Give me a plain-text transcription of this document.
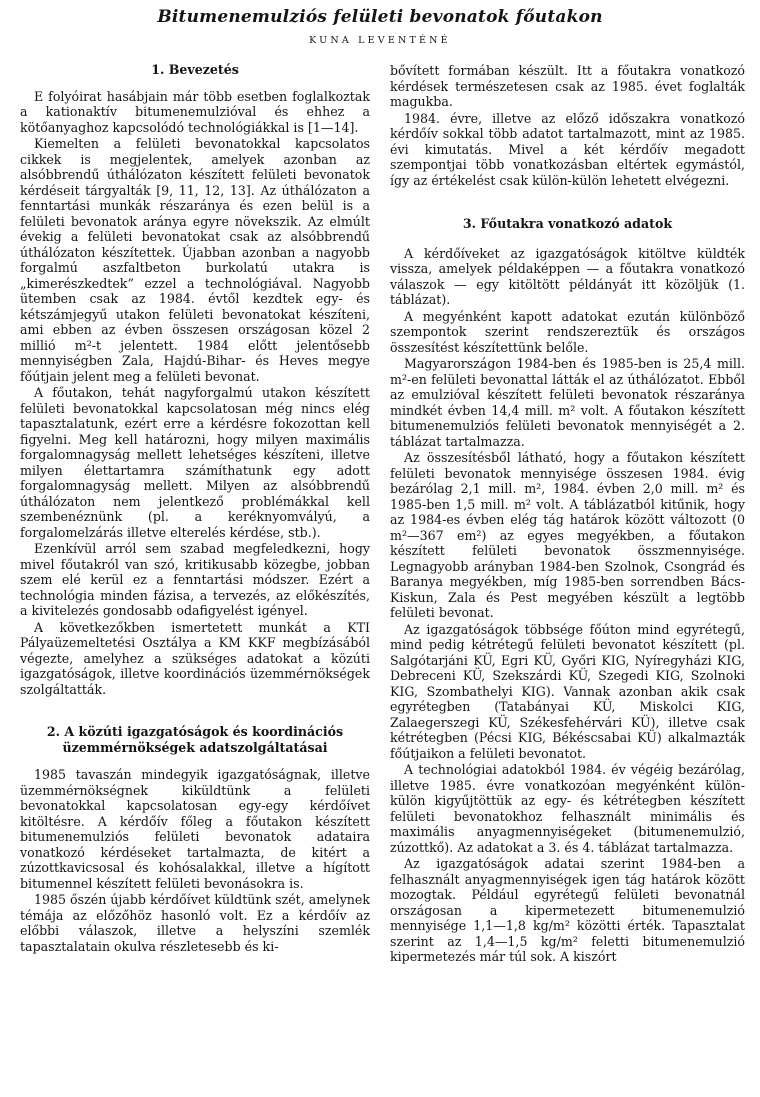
Bitumenemulziós felületi bevonatok főutakon
KUNA LEVENTÉNÉ
1. Bevezetés

E folyóirat hasábjain már több esetben foglalkoztak a kationaktív bitumenemulzióval és ehhez a kötőanyaghoz kapcsolódó technológiákkal is [1—14].

Kiemelten a felületi bevonatokkal kapcsolatos cikkek is megjelentek, amelyek azonban az alsóbbrendű úthálózaton készített felületi bevonatok kérdéseit tárgyalták [9, 11, 12, 13]. Az úthálózaton a fenntartási munkák részaránya és ezen belül is a felületi bevonatok aránya egyre növekszik. Az elmúlt évekig a felületi bevonatokat csak az alsóbbrendű úthálózaton készítettek. Újabban azonban a nagyobb forgalmú aszfaltbeton burkolatú utakra is „kimerészkedtek” ezzel a technológiával. Nagyobb ütemben csak az 1984. évtől kezdtek egy- és kétszámjegyű utakon felületi bevonatokat készíteni, ami ebben az évben összesen országosan közel 2 millió m²-t jelentett. 1984 előtt jelentősebb mennyiségben Zala, Hajdú-Bihar- és Heves megye főútjain jelent meg a felületi bevonat.

A főutakon, tehát nagyforgalmú utakon készített felületi bevonatokkal kapcsolatosan még nincs elég tapasztalatunk, ezért erre a kérdésre fokozottan kell figyelni. Meg kell határozni, hogy milyen maximális forgalomnagyság mellett lehetséges készíteni, illetve milyen élettartamra számíthatunk egy adott forgalomnagyság mellett. Milyen az alsóbbrendű úthálózaton nem jelentkező problémákkal kell szembenéznünk (pl. a keréknyomvályú, a forgalomelzárás illetve elterelés kérdése, stb.).

Ezenkívül arról sem szabad megfeledkezni, hogy mivel főutakról van szó, kritikusabb közegbe, jobban szem elé kerül ez a fenntartási módszer. Ezért a technológia minden fázisa, a tervezés, az előkészítés, a kivitelezés gondosabb odafigyelést igényel.

A következőkben ismertetett munkát a KTI Pályaüzemeltetési Osztálya a KM KKF megbízásából végezte, amelyhez a szükséges adatokat a közúti igazgatóságok, illetve koordinációs üzemmérnökségek szolgáltatták.

2. A közúti igazgatóságok és koordinációs üzemmérnökségek adatszolgáltatásai

1985 tavaszán mindegyik igazgatóságnak, illetve üzemmérnökségnek kiküldtünk a felületi bevonatokkal kapcsolatosan egy-egy kérdőívet kitöltésre. A kérdőív főleg a főutakon készített bitumenemulziós felületi bevonatok adataira vonatkozó kérdéseket tartalmazta, de kitért a zúzottkavicsosal és kohósalakkal, illetve a hígított bitumennel készített felületi bevonásokra is.

1985 őszén újabb kérdőívet küldtünk szét, amelynek témája az előzőhöz hasonló volt. Ez a kérdőív az előbbi válaszok, illetve a helyszíni szemlék tapasztalatain okulva részletesebb és ki-

bővített formában készült. Itt a főutakra vonatkozó kérdések természetesen csak az 1985. évet foglalták magukba.

1984. évre, illetve az előző időszakra vonatkozó kérdőív sokkal több adatot tartalmazott, mint az 1985. évi kimutatás. Mivel a két kérdőív megadott szempontjai több vonatkozásban eltértek egymástól, így az értékelést csak külön-külön lehetett elvégezni.

3. Főutakra vonatkozó adatok

A kérdőíveket az igazgatóságok kitöltve küldték vissza, amelyek példaképpen — a főutakra vonatkozó válaszok — egy kitöltött példányát itt közöljük (1. táblázat).

A megyénként kapott adatokat ezután különböző szempontok szerint rendszereztük és országos összesítést készítettünk belőle.

Magyarországon 1984-ben és 1985-ben is 25,4 mill. m²-en felületi bevonattal látták el az úthálózatot. Ebből az emulzióval készített felületi bevonatok részaránya mindkét évben 14,4 mill. m² volt. A főutakon készített bitumenemulziós felületi bevonatok mennyiségét a 2. táblázat tartalmazza.

Az összesítésből látható, hogy a főutakon készített felületi bevonatok mennyisége összesen 1984. évig bezárólag 2,1 mill. m², 1984. évben 2,0 mill. m² és 1985-ben 1,5 mill. m² volt. A táblázatból kitűnik, hogy az 1984-es évben elég tág határok között változott (0 m²—367 em²) az egyes megyékben, a főutakon készített felületi bevonatok összmennyisége. Legnagyobb arányban 1984-ben Szolnok, Csongrád és Baranya megyékben, míg 1985-ben sorrendben Bács-Kiskun, Zala és Pest megyében készült a legtöbb felületi bevonat.

Az igazgatóságok többsége főúton mind egyrétegű, mind pedig kétrétegű felületi bevonatot készített (pl. Salgótarjáni KÜ, Egri KÜ, Győri KIG, Nyíregyházi KIG, Debreceni KÜ, Szekszárdi KÜ, Szegedi KIG, Szolnoki KIG, Szombathelyi KIG). Vannak azonban akik csak egyrétegben (Tatabányai KÜ, Miskolci KIG, Zalaegerszegi KÜ, Székesfehérvári KÜ), illetve csak kétrétegben (Pécsi KIG, Békéscsabai KÜ) alkalmazták főútjaikon a felületi bevonatot.

A technológiai adatokból 1984. év végéig bezárólag, illetve 1985. évre vonatkozóan megyénként külön-külön kigyűjtöttük az egy- és kétrétegben készített felületi bevonatokhoz felhasznált minimális és maximális anyagmennyiségeket (bitumenemulzió, zúzottkő). Az adatokat a 3. és 4. táblázat tartalmazza.

Az igazgatóságok adatai szerint 1984-ben a felhasznált anyagmennyiségek igen tág határok között mozogtak. Például egyrétegű felületi bevonatnál országosan a kipermetezett bitumenemulzió mennyisége 1,1—1,8 kg/m² közötti érték. Tapasztalat szerint az 1,4—1,5 kg/m² feletti bitumenemulzió kipermetezés már túl sok. A kiszórt
